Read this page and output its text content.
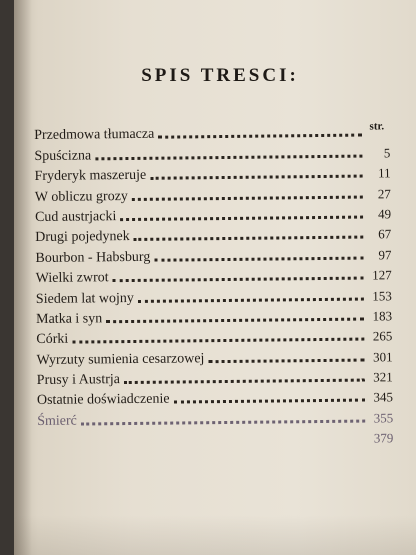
SPIS TRESCI:
str.
Przedmowa tłumacza
Spuścizna	5
Fryderyk maszeruje	11
W obliczu grozy	27
Cud austrjacki	49
Drugi pojedynek	67
Bourbon - Habsburg	97
Wielki zwrot	127
Siedem lat wojny	153
Matka i syn	183
Córki	265
Wyrzuty sumienia cesarzowej	301
Prusy i Austrja	321
Ostatnie doświadczenie	345
Śmierć	355
379
